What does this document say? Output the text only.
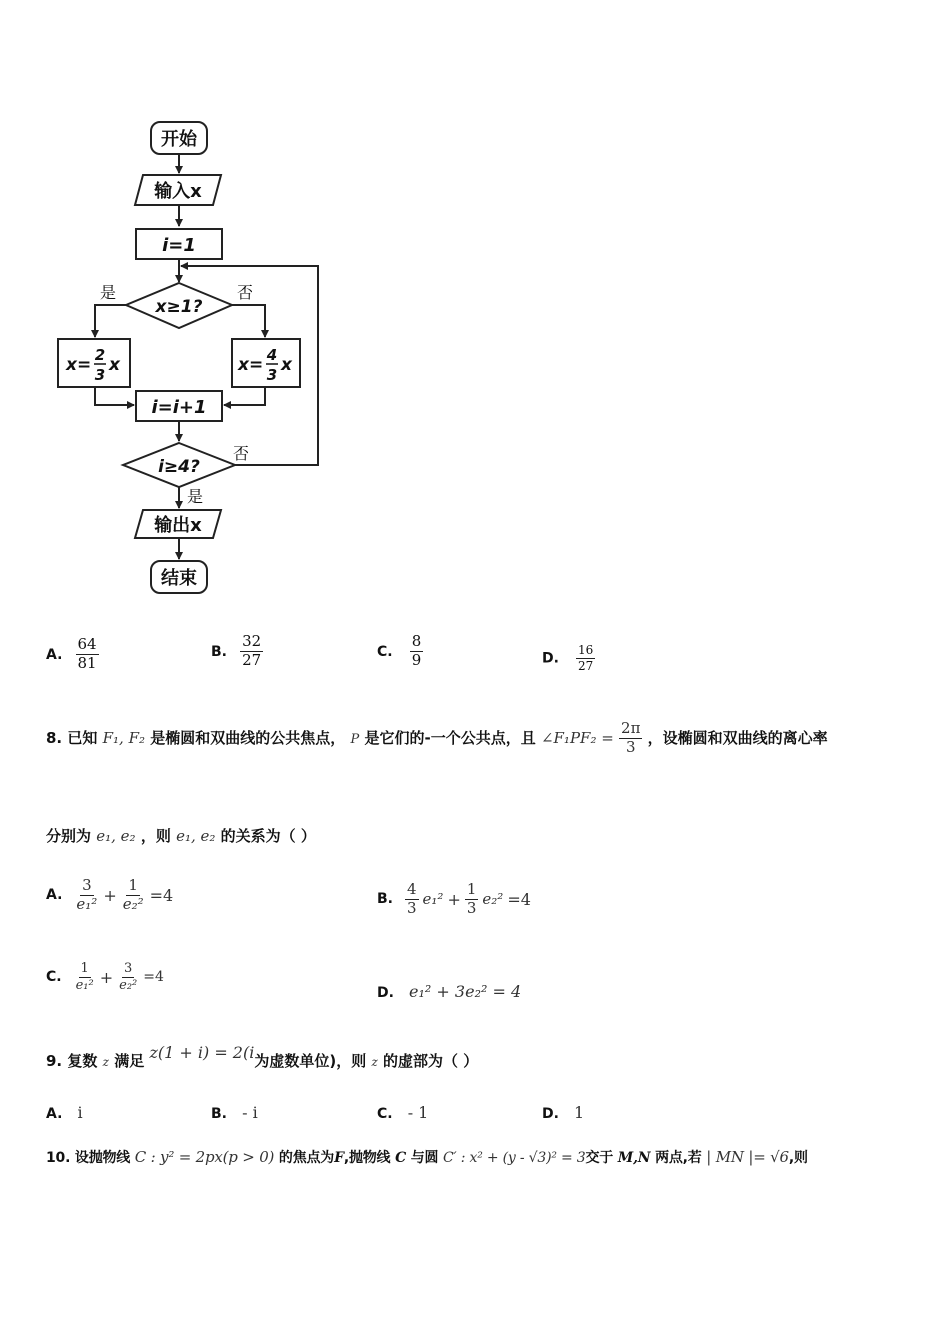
开始
输入x
i=1
x≥1?
i=i+1
i≥4?
输出x
结束
是	否
否
是
x= 2
3 x	x= 4
3 x
A. $\frac{64}{81}$	B. $\frac{32}{27}$	C. $\frac{8}{9}$	D. $\frac{16}{27}$
8. 已知 F₁, F₂ 是椭圆和双曲线的公共焦点， P 是它们的-一个公共点，且 ∠F₁PF₂ = $\frac{2\pi}{3}$ ，设椭圆和双曲线的离心率
分别为 e₁, e₂ ，则 e₁, e₂ 的关系为（ ）
A. $\frac{3}{\text{e₁²}} + \frac{1}{\text{e₂²}} =4$	B. $\frac{4}{3} e_1^2 + \frac{1}{3} e_2^2 =4$
C. $\frac{1}{\text{e₁²}} + \frac{3}{\text{e₂²}} =4$
D. e₁² + 3e₂² = 4
9. 复数 z 满足 z(1 + i) = 2(i为虚数单位)，则 z 的虚部为（ ）
A. i	B. - i	C. - 1	D. 1
10. 设抛物线 C : y² = 2px(p > 0) 的焦点为F,抛物线 C 与圆 C′ : x² + (y - √3)² = 3交于 M,N 两点,若 | MN |= √6,则
